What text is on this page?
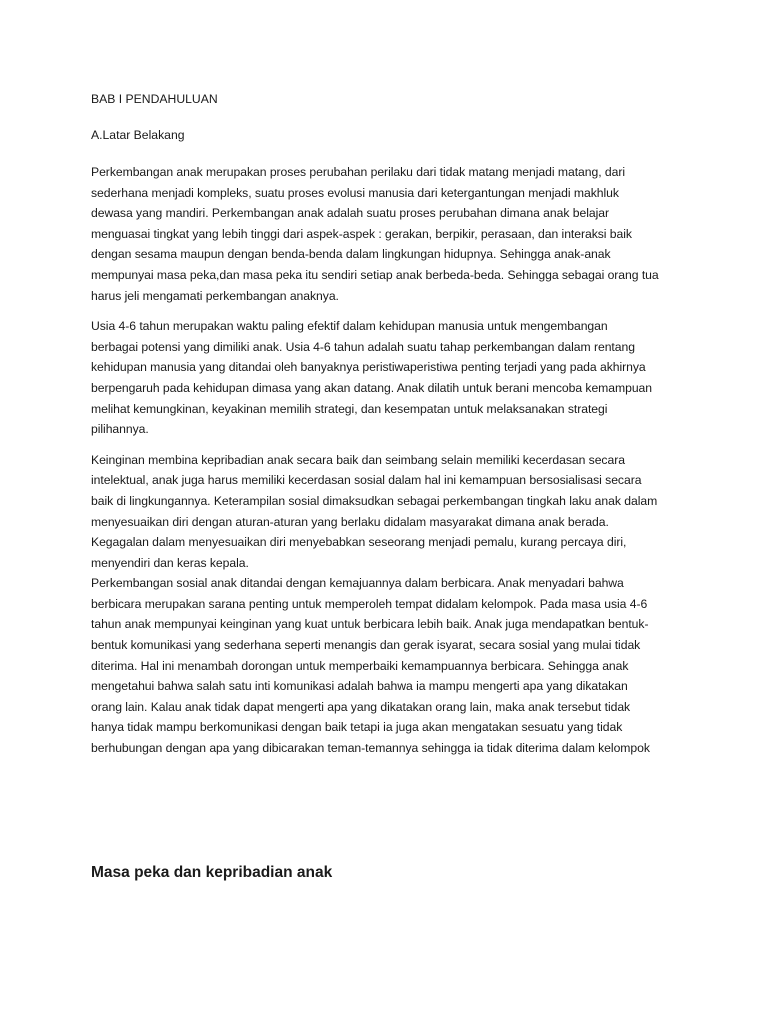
BAB I PENDAHULUAN

A.Latar Belakang

Perkembangan anak merupakan proses perubahan perilaku dari tidak matang menjadi matang, dari
sederhana menjadi kompleks, suatu proses evolusi manusia dari ketergantungan menjadi makhluk
dewasa yang mandiri. Perkembangan anak adalah suatu proses perubahan dimana anak belajar
menguasai tingkat yang lebih tinggi dari aspek-aspek : gerakan, berpikir, perasaan, dan interaksi baik
dengan sesama maupun dengan benda-benda dalam lingkungan hidupnya. Sehingga anak-anak
mempunyai masa peka,dan masa peka itu sendiri setiap anak berbeda-beda. Sehingga sebagai orang tua
harus jeli mengamati perkembangan anaknya.

Usia 4-6 tahun merupakan waktu paling efektif dalam kehidupan manusia untuk mengembangan
berbagai potensi yang dimiliki anak. Usia 4-6 tahun adalah suatu tahap perkembangan dalam rentang
kehidupan manusia yang ditandai oleh banyaknya peristiwaperistiwa penting terjadi yang pada akhirnya
berpengaruh pada kehidupan dimasa yang akan datang. Anak dilatih untuk berani mencoba kemampuan
melihat kemungkinan, keyakinan memilih strategi, dan kesempatan untuk melaksanakan strategi
pilihannya.

Keinginan membina kepribadian anak secara baik dan seimbang selain memiliki kecerdasan secara
intelektual, anak juga harus memiliki kecerdasan sosial dalam hal ini kemampuan bersosialisasi secara
baik di lingkungannya. Keterampilan sosial dimaksudkan sebagai perkembangan tingkah laku anak dalam
menyesuaikan diri dengan aturan-aturan yang berlaku didalam masyarakat dimana anak berada.
Kegagalan dalam menyesuaikan diri menyebabkan seseorang menjadi pemalu, kurang percaya diri,
menyendiri dan keras kepala.

Perkembangan sosial anak ditandai dengan kemajuannya dalam berbicara. Anak menyadari bahwa
berbicara merupakan sarana penting untuk memperoleh tempat didalam kelompok. Pada masa usia 4-6
tahun anak mempunyai keinginan yang kuat untuk berbicara lebih baik. Anak juga mendapatkan bentuk-
bentuk komunikasi yang sederhana seperti menangis dan gerak isyarat, secara sosial yang mulai tidak
diterima. Hal ini menambah dorongan untuk memperbaiki kemampuannya berbicara. Sehingga anak
mengetahui bahwa salah satu inti komunikasi adalah bahwa ia mampu mengerti apa yang dikatakan
orang lain. Kalau anak tidak dapat mengerti apa yang dikatakan orang lain, maka anak tersebut tidak
hanya tidak mampu berkomunikasi dengan baik tetapi ia juga akan mengatakan sesuatu yang tidak
berhubungan dengan apa yang dibicarakan teman-temannya sehingga ia tidak diterima dalam kelompok

Masa peka dan kepribadian anak
